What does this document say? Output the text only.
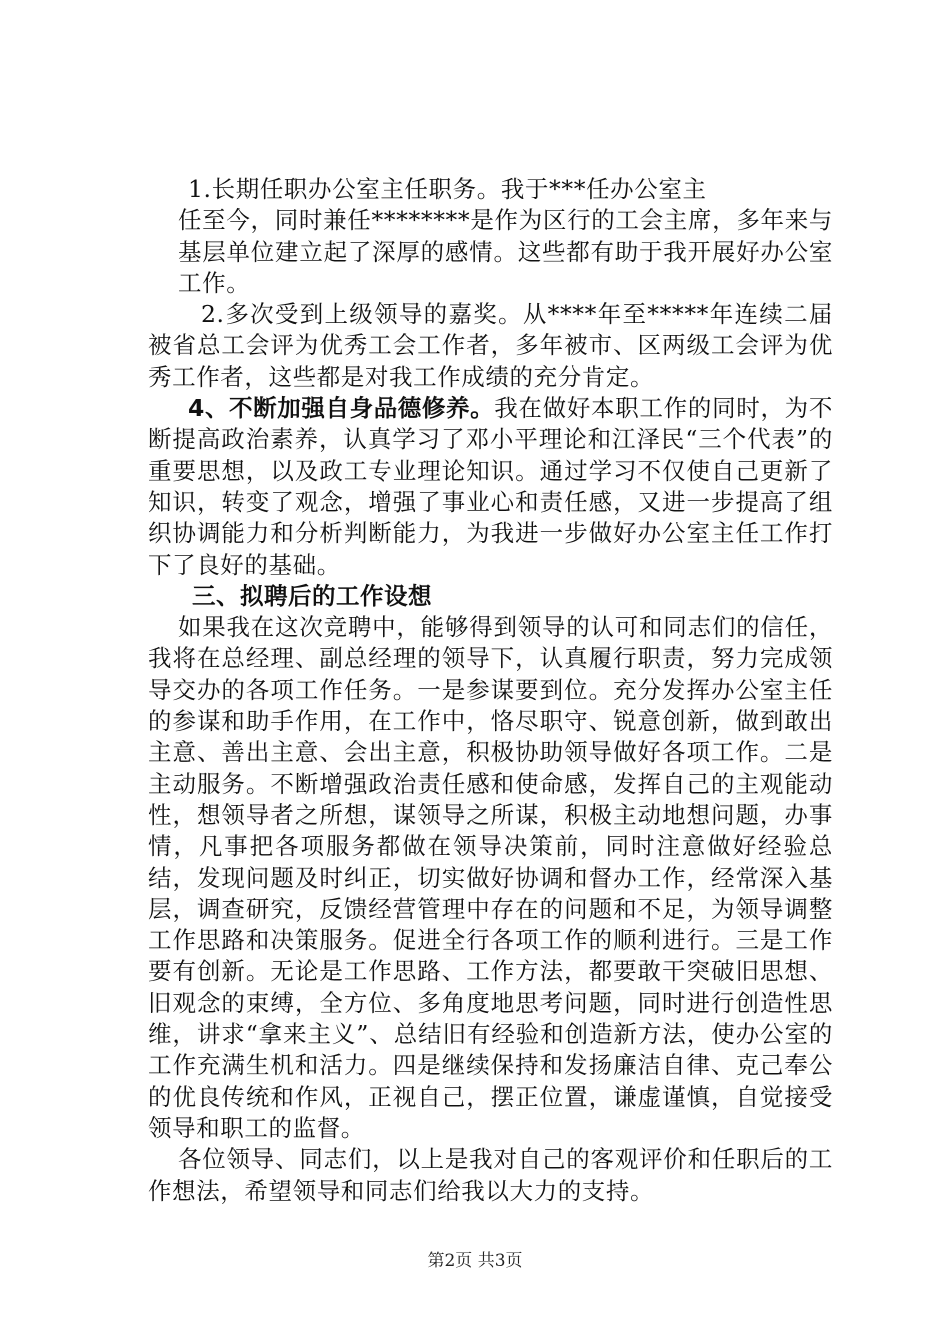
1.长期任职办公室主任职务。我于***任办公室主

任至今，同时兼任********是作为区行的工会主席，多年来与基层单位建立起了深厚的感情。这些都有助于我开展好办公室工作。

2.多次受到上级领导的嘉奖。从****年至*****年连续二届被省总工会评为优秀工会工作者，多年被市、区两级工会评为优秀工作者，这些都是对我工作成绩的充分肯定。

4、不断加强自身品德修养。我在做好本职工作的同时，为不断提高政治素养，认真学习了邓小平理论和江泽民“三个代表”的重要思想，以及政工专业理论知识。通过学习不仅使自己更新了知识，转变了观念，增强了事业心和责任感，又进一步提高了组织协调能力和分析判断能力，为我进一步做好办公室主任工作打下了良好的基础。

三、拟聘后的工作设想

如果我在这次竞聘中，能够得到领导的认可和同志们的信任，我将在总经理、副总经理的领导下，认真履行职责，努力完成领导交办的各项工作任务。一是参谋要到位。充分发挥办公室主任的参谋和助手作用，在工作中，恪尽职守、锐意创新，做到敢出主意、善出主意、会出主意，积极协助领导做好各项工作。二是主动服务。不断增强政治责任感和使命感，发挥自己的主观能动性，想领导者之所想，谋领导之所谋，积极主动地想问题，办事情，凡事把各项服务都做在领导决策前，同时注意做好经验总结，发现问题及时纠正，切实做好协调和督办工作，经常深入基层，调查研究，反馈经营管理中存在的问题和不足，为领导调整工作思路和决策服务。促进全行各项工作的顺利进行。三是工作要有创新。无论是工作思路、工作方法，都要敢干突破旧思想、旧观念的束缚，全方位、多角度地思考问题，同时进行创造性思维，讲求“拿来主义”、总结旧有经验和创造新方法，使办公室的工作充满生机和活力。四是继续保持和发扬廉洁自律、克己奉公的优良传统和作风，正视自己，摆正位置，谦虚谨慎，自觉接受领导和职工的监督。

各位领导、同志们，以上是我对自己的客观评价和任职后的工作想法，希望领导和同志们给我以大力的支持。

第2页 共3页
